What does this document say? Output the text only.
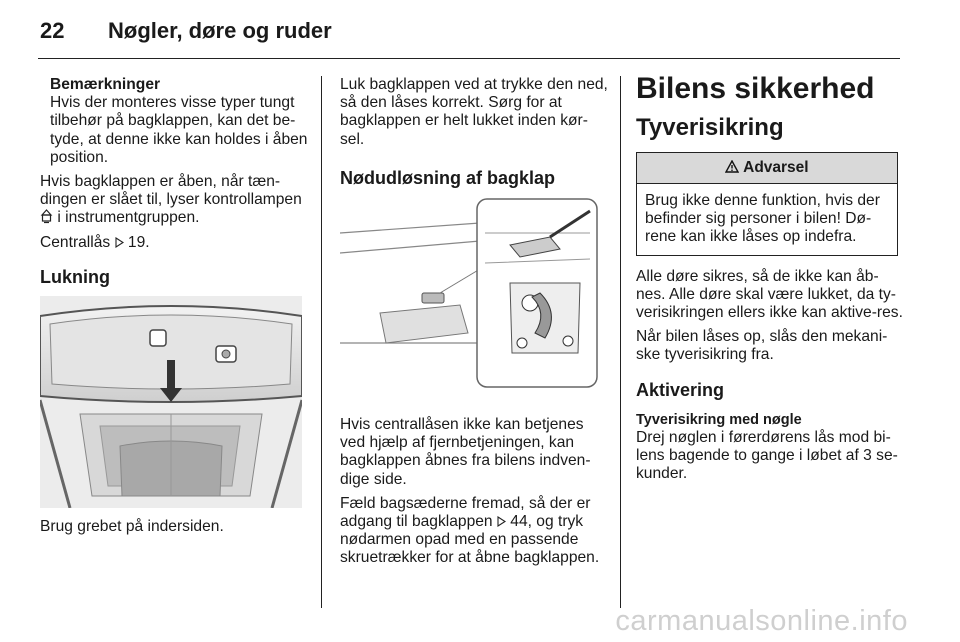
22 Nøgler, døre og ruder
Bemærkninger
Hvis der monteres visse typer tungt tilbehør på bagklappen, kan det be-tyde, at denne ikke kan holdes i åben position.

Hvis bagklappen er åben, når tæn-dingen er slået til, lyser kontrollampen  i instrumentgruppen.

Centrallås  19.

Lukning

Brug grebet på indersiden.

Luk bagklappen ved at trykke den ned, så den låses korrekt. Sørg for at bagklappen er helt lukket inden kør-sel.

Nødudløsning af bagklap

Hvis centrallåsen ikke kan betjenes ved hjælp af fjernbetjeningen, kan bagklappen åbnes fra bilens indven-dige side.

Fæld bagsæderne fremad, så der er adgang til bagklappen  44, og tryk nødarmen opad med en passende skruetrækker for at åbne bagklappen.

Bilens sikkerhed
Tyverisikring
Advarsel
Brug ikke denne funktion, hvis der befinder sig personer i bilen! Dø-rene kan ikke låses op indefra.

Alle døre sikres, så de ikke kan åb-nes. Alle døre skal være lukket, da ty-verisikringen ellers ikke kan aktive-res.

Når bilen låses op, slås den mekani-ske tyverisikring fra.

Aktivering
Tyverisikring med nøgle

Drej nøglen i førerdørens lås mod bi-lens bagende to gange i løbet af 3 se-kunder.

carmanualsonline.info
